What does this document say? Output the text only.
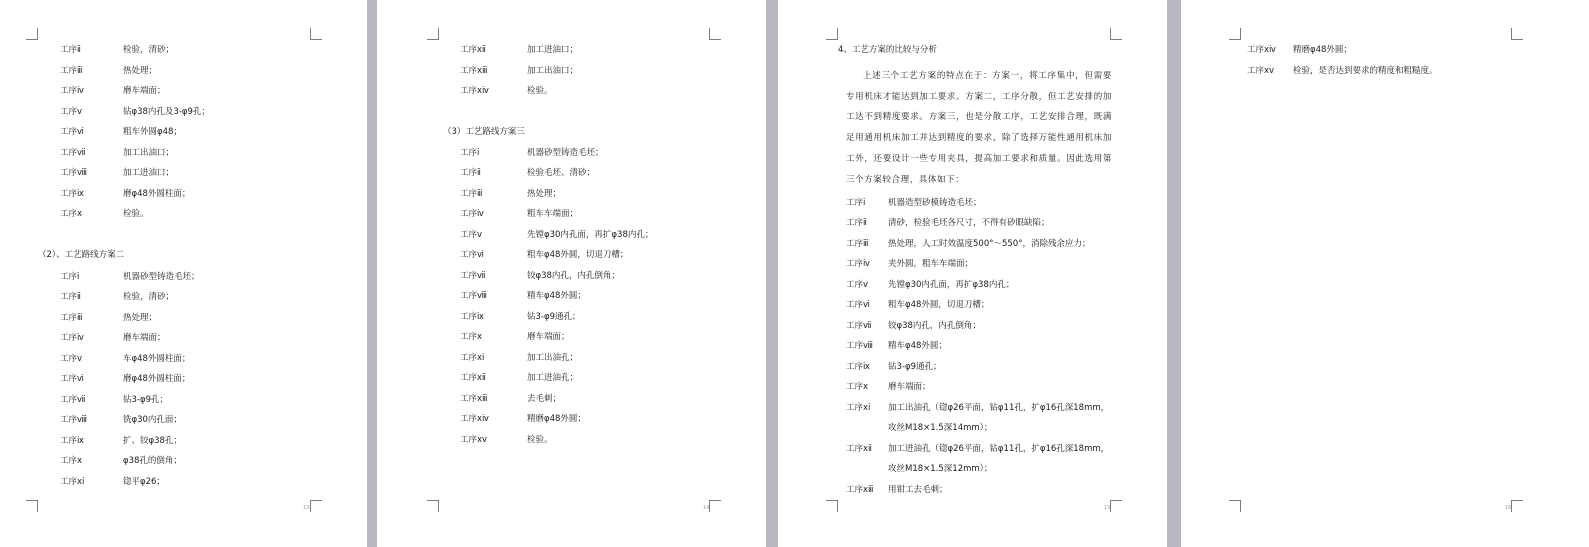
13
工序ⅱ	检验，清砂；
工序ⅲ	热处理；
工序ⅳ	磨车端面；
工序ⅴ	钻φ38内孔及3-φ9孔；
工序ⅵ	粗车外圆φ48；
工序ⅶ	加工出油口；
工序ⅷ	加工进油口；
工序ⅸ	磨φ48外圆柱面；
工序ⅹ	检验。
（2）、工艺路线方案二
工序ⅰ	机器砂型铸造毛坯；
工序ⅱ	检验，清砂；
工序ⅲ	热处理；
工序ⅳ	磨车端面；
工序ⅴ	车φ48外圆柱面；
工序ⅵ	磨φ48外圆柱面；
工序ⅶ	钻3-φ9孔；
工序ⅷ	铣φ30内孔面；
工序ⅸ	扩、铰φ38孔；
工序ⅹ	φ38孔的倒角；
工序ⅹⅰ	锪平φ26；
14
工序ⅹⅱ	加工进油口；
工序ⅹⅲ	加工出油口；
工序ⅹⅳ	检验。
（3）工艺路线方案三
工序ⅰ	机器砂型铸造毛坯；
工序ⅱ	检验毛坯、清砂；
工序ⅲ	热处理；
工序ⅳ	粗车车端面；
工序ⅴ	先镗φ30内孔面，再扩φ38内孔；
工序ⅵ	粗车φ48外圆，切退刀槽；
工序ⅶ	铰φ38内孔，内孔倒角；
工序ⅷ	精车φ48外圆；
工序ⅸ	钻3-φ9通孔；
工序ⅹ	磨车端面；
工序ⅹⅰ	加工出油孔；
工序ⅹⅱ	加工进油孔；
工序ⅹⅲ	去毛刺；
工序ⅹⅳ	精磨φ48外圆；
工序ⅹⅴ	检验。
15
4、工艺方案的比较与分析
上述三个工艺方案的特点在于：方案一，将工序集中，但需要专用机床才能达到加工要求。方案二，工序分散，但工艺安排的加工达不到精度要求。方案三，也是分散工序，工艺安排合理，既满足用通用机床加工并达到精度的要求，除了选择万能性通用机床加工外，还要设计一些专用夹具，提高加工要求和质量。因此选用第三个方案较合理，具体如下：
工序ⅰ	机器造型砂模铸造毛坯；
工序ⅱ 清砂，检验毛坯各尺寸，不得有砂眼缺陷；
工序ⅲ 热处理，人工时效温度500°～550°，消除残余应力；
工序ⅳ 夹外圆，粗车车端面；
工序ⅴ 先镗φ30内孔面，再扩φ38内孔；
工序ⅵ 粗车φ48外圆，切退刀槽；
工序ⅶ 铰φ38内孔，内孔倒角；
工序ⅷ 精车φ48外圆；
工序ⅸ 钻3-φ9通孔；
工序ⅹ 磨车端面；
工序ⅹⅰ 加工出油孔（锪φ26平面，钻φ11孔，扩φ16孔深18mm，
攻丝M18×1.5深14mm）；
工序ⅹⅱ 加工进油孔（锪φ26平面，钻φ11孔，扩φ16孔深18mm，
攻丝M18×1.5深12mm）；
工序ⅹⅲ 用钳工去毛刺；
16
工序ⅹⅳ 精磨φ48外圆；
工序ⅹⅴ 检验，是否达到要求的精度和粗糙度。
